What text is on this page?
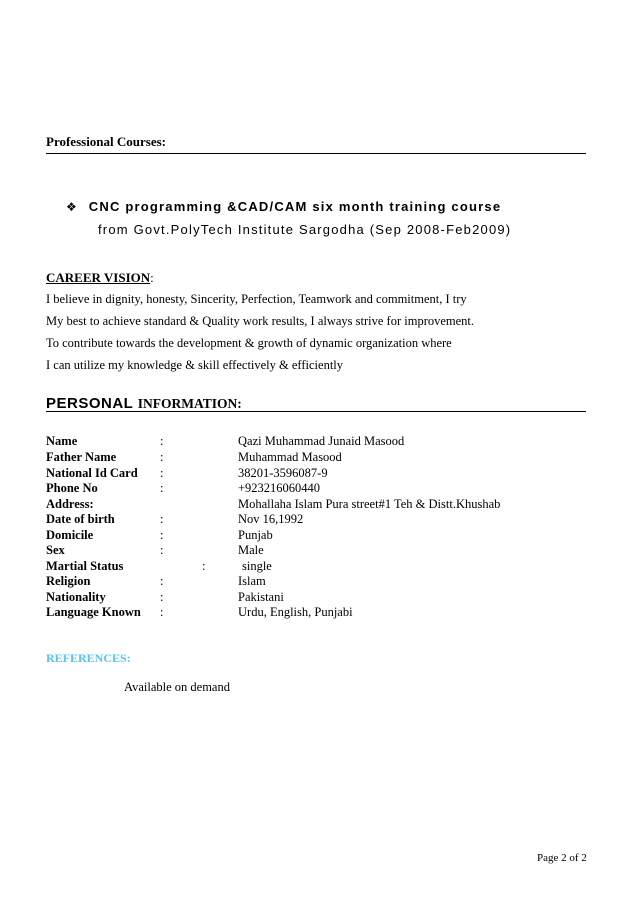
Professional Courses:
❖ CNC programming &CAD/CAM six month training course
from Govt.PolyTech Institute Sargodha (Sep 2008-Feb2009)
CAREER VISION:
I believe in dignity, honesty, Sincerity, Perfection, Teamwork and commitment, I try
My best to achieve standard & Quality work results, I always strive for improvement.
To contribute towards the development & growth of dynamic organization where
I can utilize my knowledge & skill effectively & efficiently
PERSONAL INFORMATION:
Name	:	Qazi Muhammad Junaid Masood
Father Name	:	Muhammad Masood
National Id Card :	38201-3596087-9
Phone No	:	+923216060440
Address:	Mohallaha Islam Pura street#1 Teh & Distt.Khushab
Date of birth	:	Nov 16,1992
Domicile	:	Punjab
Sex	:	Male
Martial Status	:	single
Religion	:	Islam
Nationality	:	Pakistani
Language Known :	Urdu, English, Punjabi
REFERENCES:
Available on demand
Page 2 of 2
